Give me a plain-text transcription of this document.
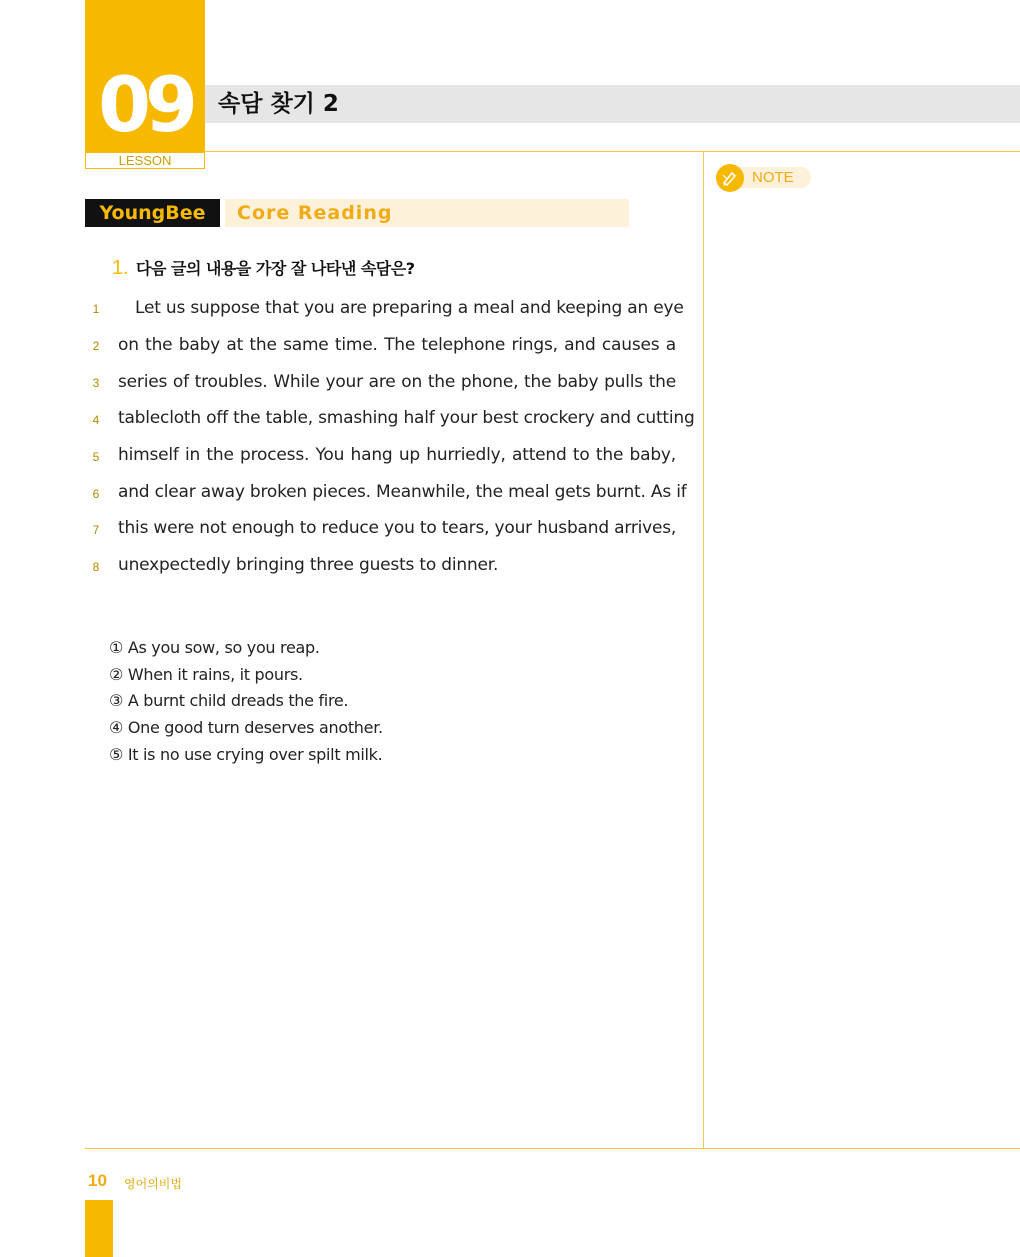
09
LESSON
속담 찾기 2
YoungBee	Core Reading
NOTE
1. 다음 글의 내용을 가장 잘 나타낸 속담은?
1	Let us suppose that you are preparing a meal and keeping an eye
2	on the baby at the same time. The telephone rings, and causes a
3	series of troubles. While your are on the phone, the baby pulls the
4	tablecloth off the table, smashing half your best crockery and cutting
5	himself in the process. You hang up hurriedly, attend to the baby,
6	and clear away broken pieces. Meanwhile, the meal gets burnt. As if
7	this were not enough to reduce you to tears, your husband arrives,
8	unexpectedly bringing three guests to dinner.
① As you sow, so you reap.
② When it rains, it pours.
③ A burnt child dreads the fire.
④ One good turn deserves another.
⑤ It is no use crying over spilt milk.
10 영어의비법
